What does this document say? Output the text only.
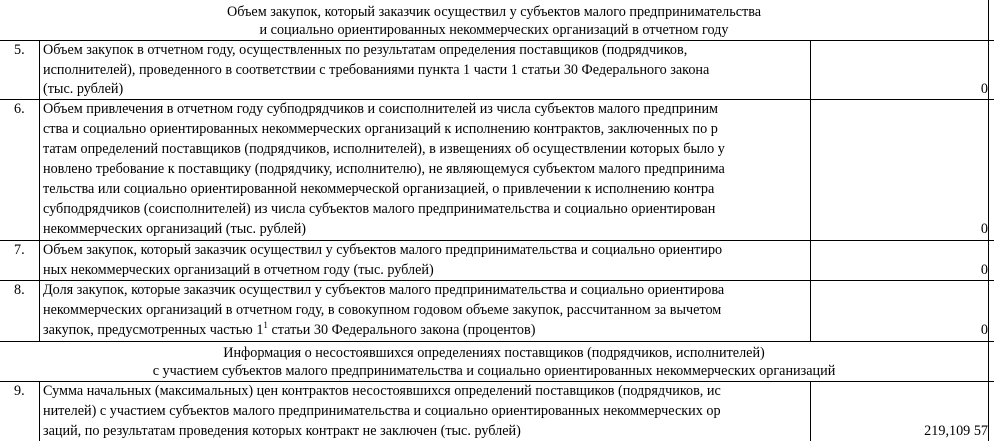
Объем закупок, который заказчик осуществил у субъектов малого предпринимательства
и социально ориентированных некоммерческих организаций в отчетном году
5.	Объем закупок в отчетном году, осуществленных по результатам определения поставщиков (подрядчиков,
исполнителей), проведенного в соответствии с требованиями пункта 1 части 1 статьи 30 Федерального закона
(тыс. рублей)	0
6.	Объем привлечения в отчетном году субподрядчиков и соисполнителей из числа субъектов малого предприним
ства и социально ориентированных некоммерческих организаций к исполнению контрактов, заключенных по р
татам определений поставщиков (подрядчиков, исполнителей), в извещениях об осуществлении которых было у
новлено требование к поставщику (подрядчику, исполнителю), не являющемуся субъектом малого предпринима
тельства или социально ориентированной некоммерческой организацией, о привлечении к исполнению контра
субподрядчиков (соисполнителей) из числа субъектов малого предпринимательства и социально ориентирован
некоммерческих организаций (тыс. рублей)	0
7.	Объем закупок, который заказчик осуществил у субъектов малого предпринимательства и социально ориентиро
ных некоммерческих организаций в отчетном году (тыс. рублей)	0
8.	Доля закупок, которые заказчик осуществил у субъектов малого предпринимательства и социально ориентирова
некоммерческих организаций в отчетном году, в совокупном годовом объеме закупок, рассчитанном за вычетом
закупок, предусмотренных частью $1^1$ статьи 30 Федерального закона (процентов)	0
Информация о несостоявшихся определениях поставщиков (подрядчиков, исполнителей)
с участием субъектов малого предпринимательства и социально ориентированных некоммерческих организаций
9.	Сумма начальных (максимальных) цен контрактов несостоявшихся определений поставщиков (подрядчиков, ис
нителей) с участием субъектов малого предпринимательства и социально ориентированных некоммерческих ор
заций, по результатам проведения которых контракт не заключен (тыс. рублей)	219,109 57
